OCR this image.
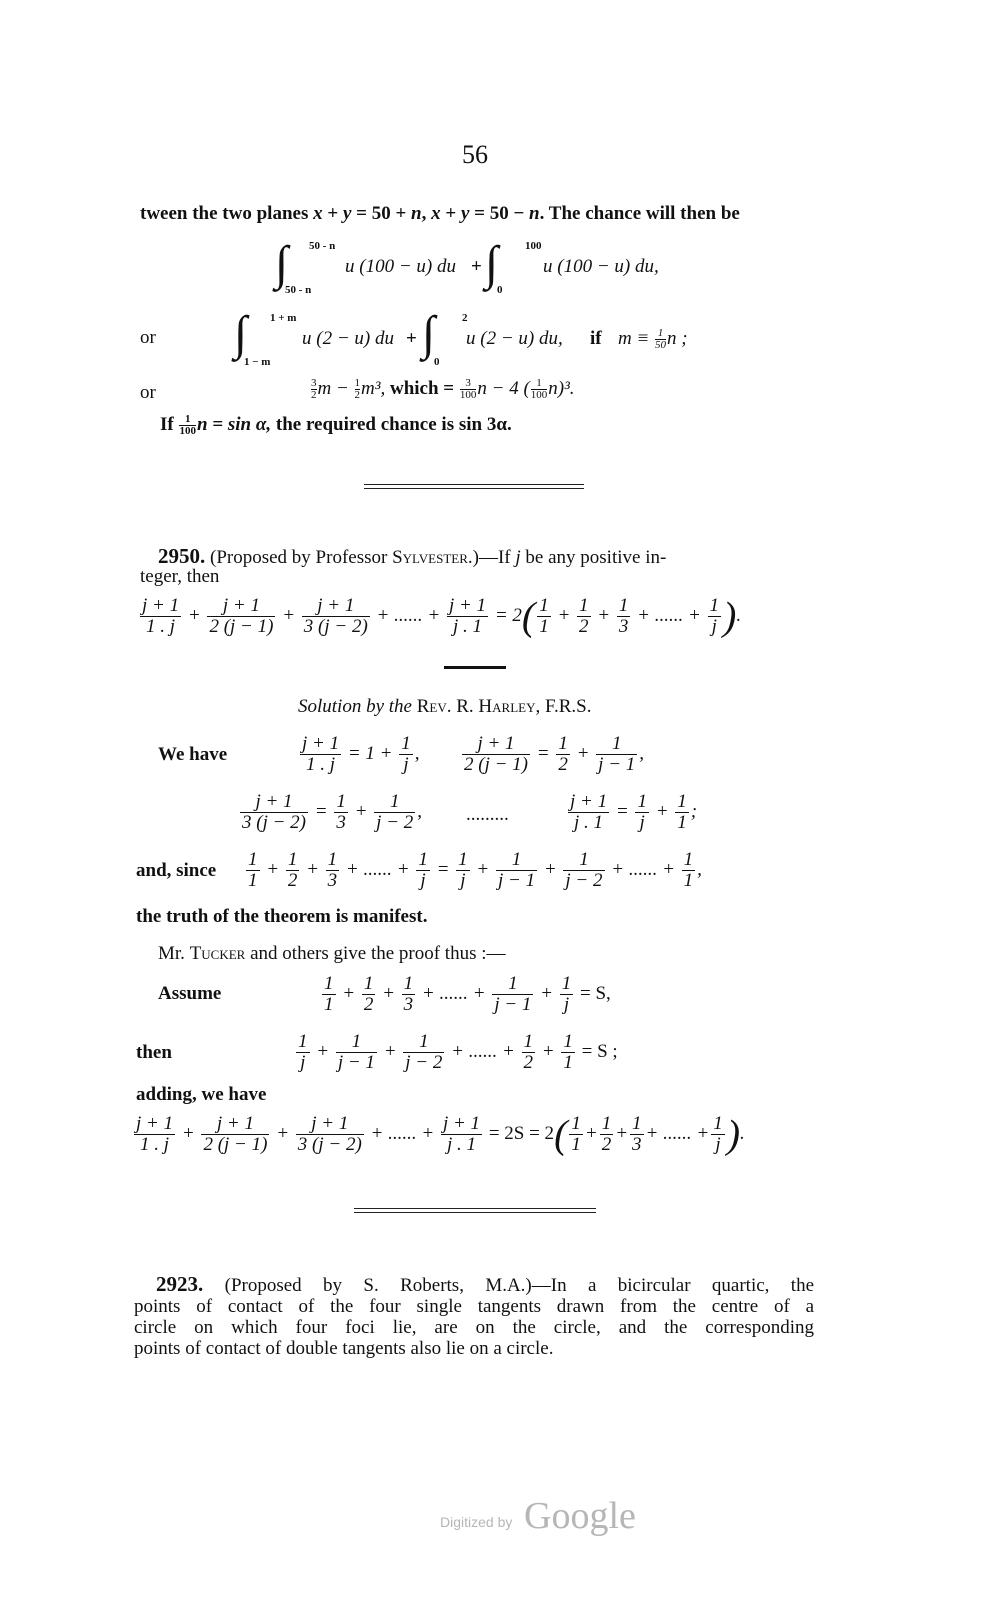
56
tween the two planes x + y = 50 + n, x + y = 50 − n. The chance will then be
∫ 50 - n
50 - n
u (100 − u) du + ∫ 100
0
u (100 − u) du,
or ∫ 1 + m
1 − m
u (2 − u) du + ∫ 2
0
u (2 − u) du, if $m \equiv \frac{1}{50}$ n ;
or	$\frac{3}{2}$ $m - \frac{1}{2} m^3$, which = $\frac{3}{100}$ n − 4 ( $\frac{1}{100} n)^3$.
If $\frac{1}{100}$ n = sin α, the required chance is sin 3α.
2950. (Proposed by Professor Sylvester.)—If j be any positive in-
teger, then
$\frac{j + 1}{1 . j} + \frac{j + 1}{2 (j - 1)} + \frac{j + 1}{3 (j - 2)}$ + ...... + $\frac{j + 1}{j . 1} = 2( \frac{1}{1} + \frac{1}{2} + \frac{1}{3}$ + ...... + $\frac{1}{j}$ ).
Solution by the Rev. R. Harley, F.R.S.
We have	$\frac{j + 1}{1 . j} = 1 + \frac{1}{j}$ , $\frac{j + 1}{2 (j - 1)} = \frac{1}{2} + \frac{1}{j - 1}$ ,
$\frac{j + 1}{3 (j - 2)} = \frac{1}{3} + \frac{1}{j - 2}$ , .........	$\frac{j + 1}{j . 1} = \frac{1}{j} + \frac{1}{1}$ ;
and, since $\frac{1}{1} + \frac{1}{2} + \frac{1}{3}$ + ...... + $\frac{1}{j} = \frac{1}{j} + \frac{1}{j - 1} + \frac{1}{j - 2}$ + ...... + $\frac{1}{1}$ ,
the truth of the theorem is manifest.
Mr. Tucker and others give the proof thus :—
Assume	$\frac{1}{1} + \frac{1}{2} + \frac{1}{3}$ + ...... + $\frac{1}{j - 1} + \frac{1}{j} = S$,
then	$\frac{1}{j} + \frac{1}{j - 1} + \frac{1}{j - 2}$ + ...... + $\frac{1}{2} + \frac{1}{1} = S$ ;
adding, we have
$\frac{j + 1}{1 . j} + \frac{j + 1}{2 (j - 1)} + \frac{j + 1}{3 (j - 2)}$ + ...... + $\frac{j + 1}{j . 1} = 2S = 2( \frac{1}{1} + \frac{1}{2} + \frac{1}{3}$ + ...... + $\frac{1}{j}$ ).
2923. (Proposed by S. Roberts, M.A.)—In a bicircular quartic, the
points of contact of the four single tangents drawn from the centre of a
circle on which four foci lie, are on the circle, and the corresponding
points of contact of double tangents also lie on a circle.
Digitized by Google
